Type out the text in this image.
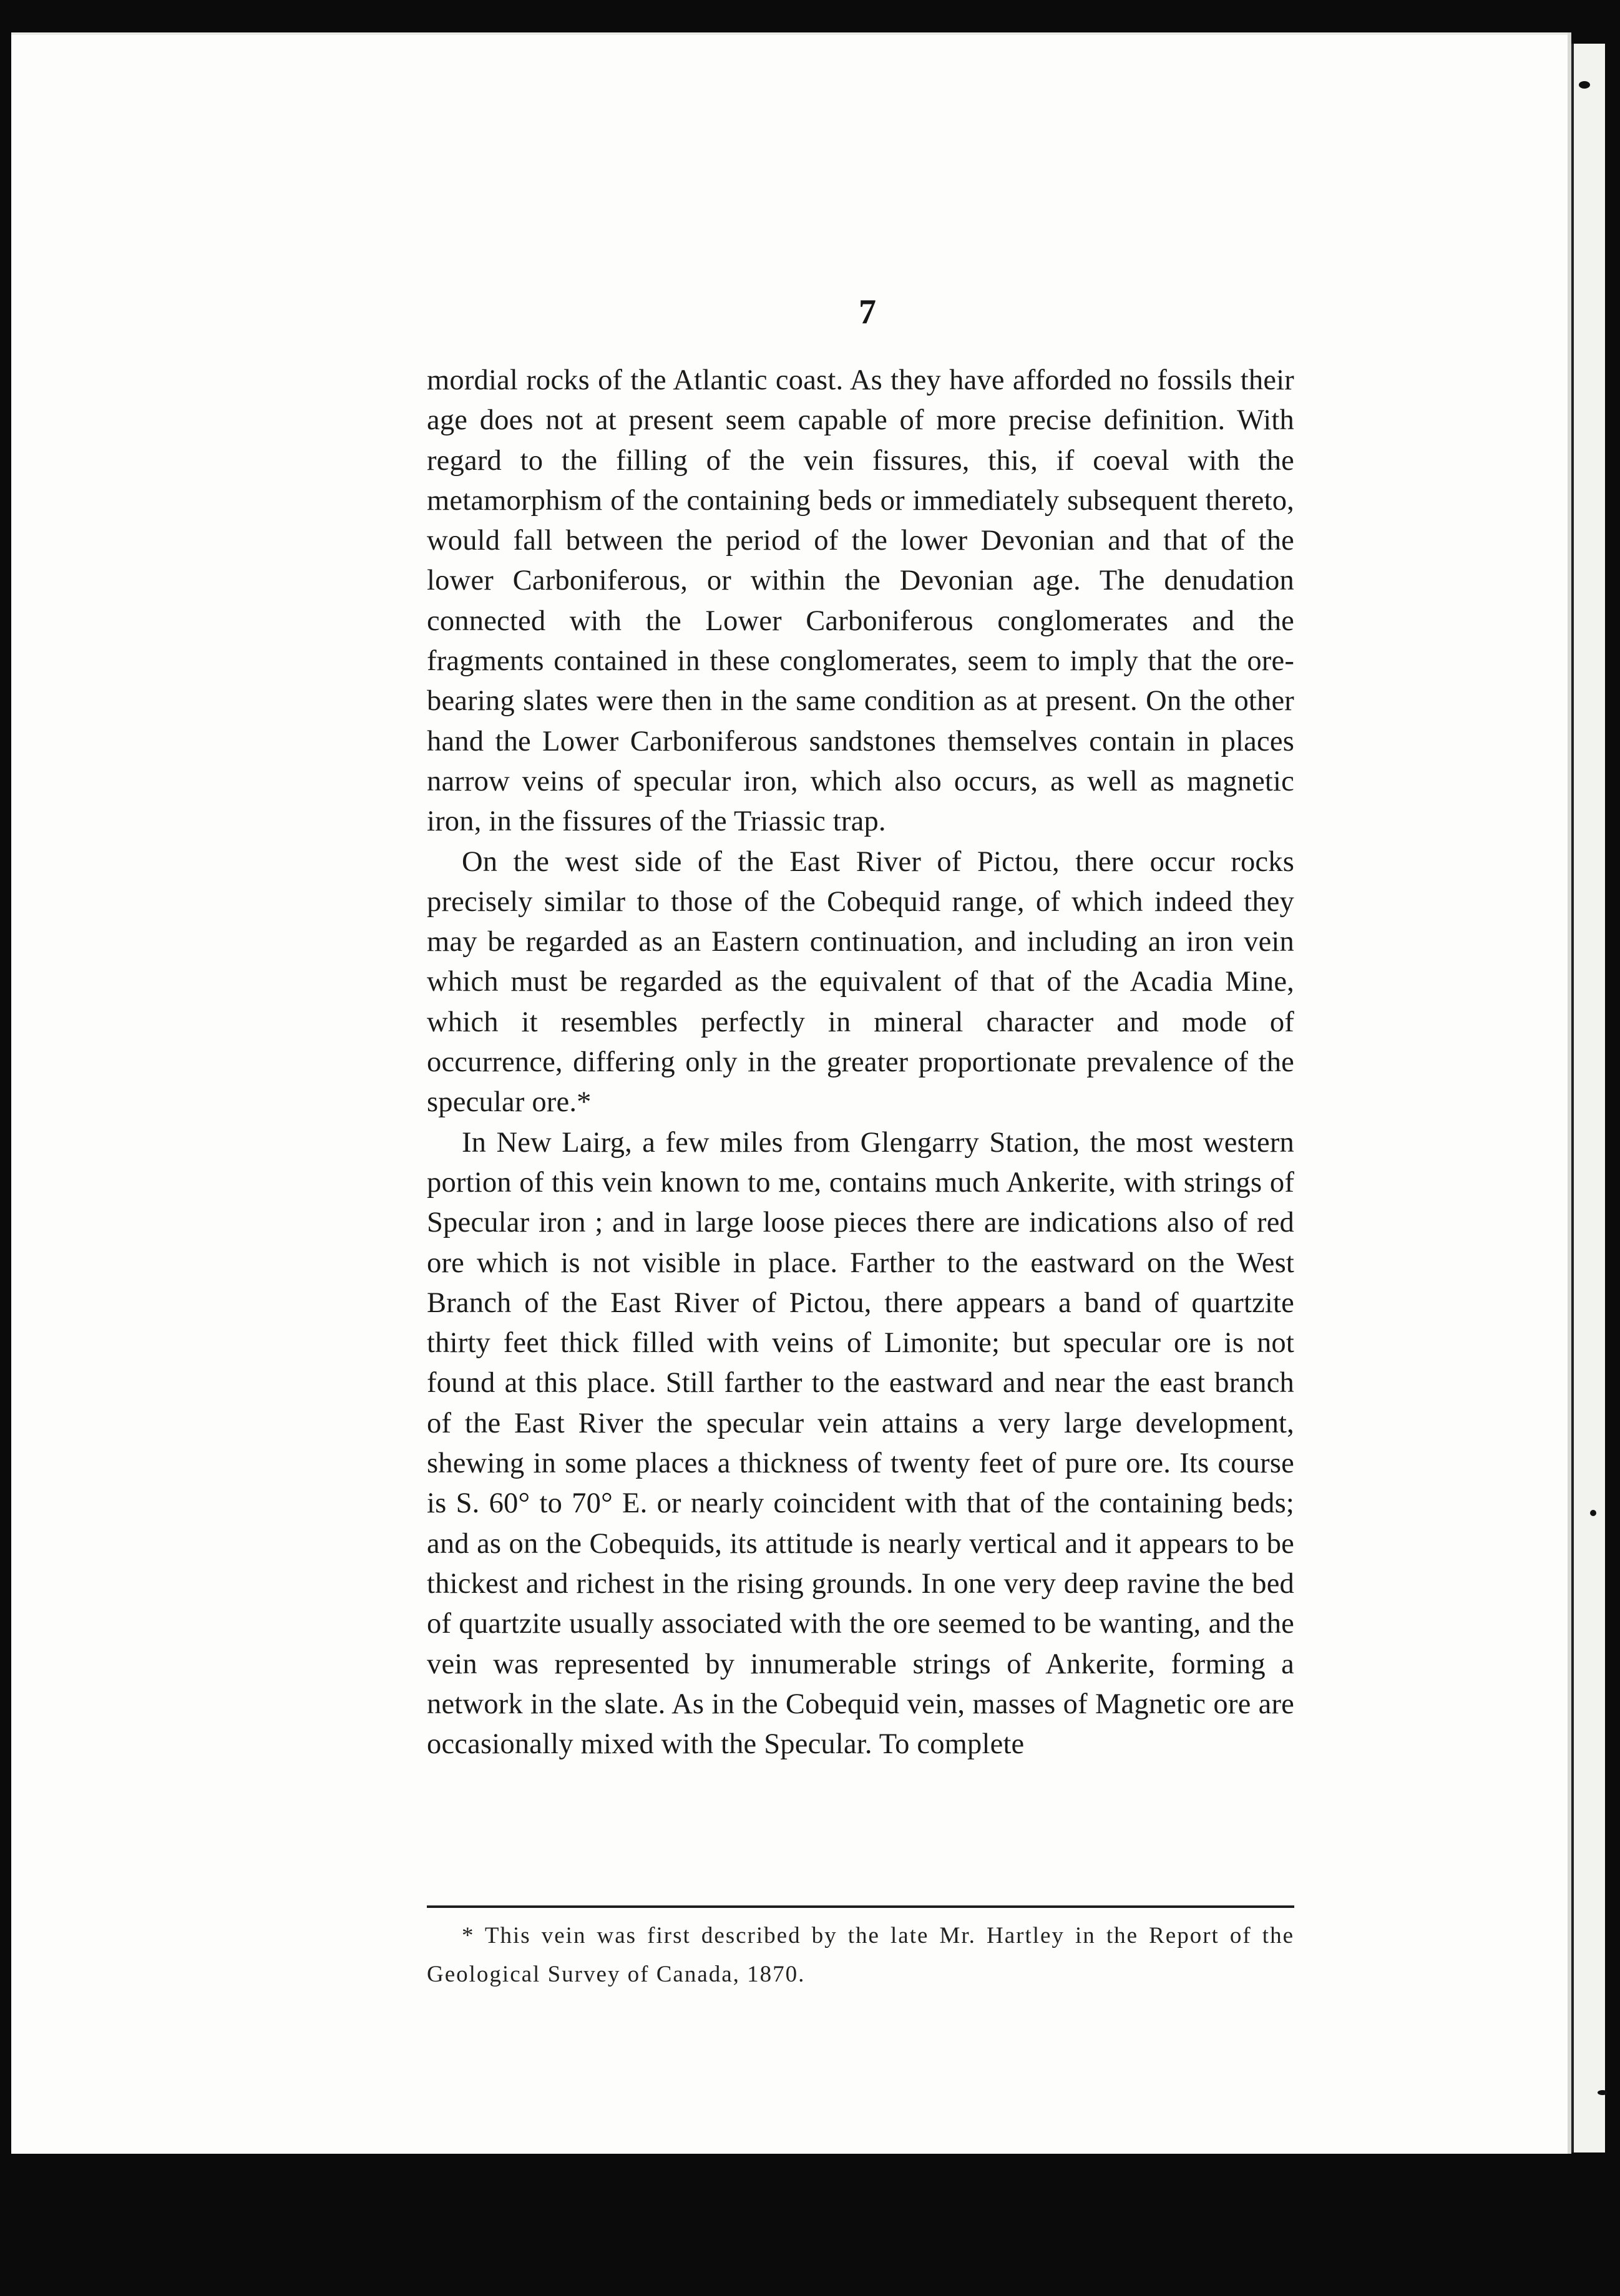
7

mordial rocks of the Atlantic coast. As they have afforded no fossils their age does not at present seem capable of more precise definition. With regard to the filling of the vein fissures, this, if coeval with the metamorphism of the containing beds or immediately subsequent thereto, would fall between the period of the lower Devonian and that of the lower Carboniferous, or within the Devonian age. The denudation connected with the Lower Carboniferous conglomerates and the fragments contained in these conglomerates, seem to imply that the ore-bearing slates were then in the same condition as at present. On the other hand the Lower Carboniferous sandstones themselves contain in places narrow veins of specular iron, which also occurs, as well as magnetic iron, in the fissures of the Triassic trap.

On the west side of the East River of Pictou, there occur rocks precisely similar to those of the Cobequid range, of which indeed they may be regarded as an Eastern continuation, and including an iron vein which must be regarded as the equivalent of that of the Acadia Mine, which it resembles perfectly in mineral character and mode of occurrence, differing only in the greater proportionate prevalence of the specular ore.*

In New Lairg, a few miles from Glengarry Station, the most western portion of this vein known to me, contains much Ankerite, with strings of Specular iron ; and in large loose pieces there are indications also of red ore which is not visible in place. Farther to the eastward on the West Branch of the East River of Pictou, there appears a band of quartzite thirty feet thick filled with veins of Limonite; but specular ore is not found at this place. Still farther to the eastward and near the east branch of the East River the specular vein attains a very large development, shewing in some places a thickness of twenty feet of pure ore. Its course is S. 60° to 70° E. or nearly coincident with that of the containing beds; and as on the Cobequids, its attitude is nearly vertical and it appears to be thickest and richest in the rising grounds. In one very deep ravine the bed of quartzite usually associated with the ore seemed to be wanting, and the vein was represented by innumerable strings of Ankerite, forming a network in the slate. As in the Cobequid vein, masses of Magnetic ore are occasionally mixed with the Specular. To complete

* This vein was first described by the late Mr. Hartley in the Report of the Geological Survey of Canada, 1870.
